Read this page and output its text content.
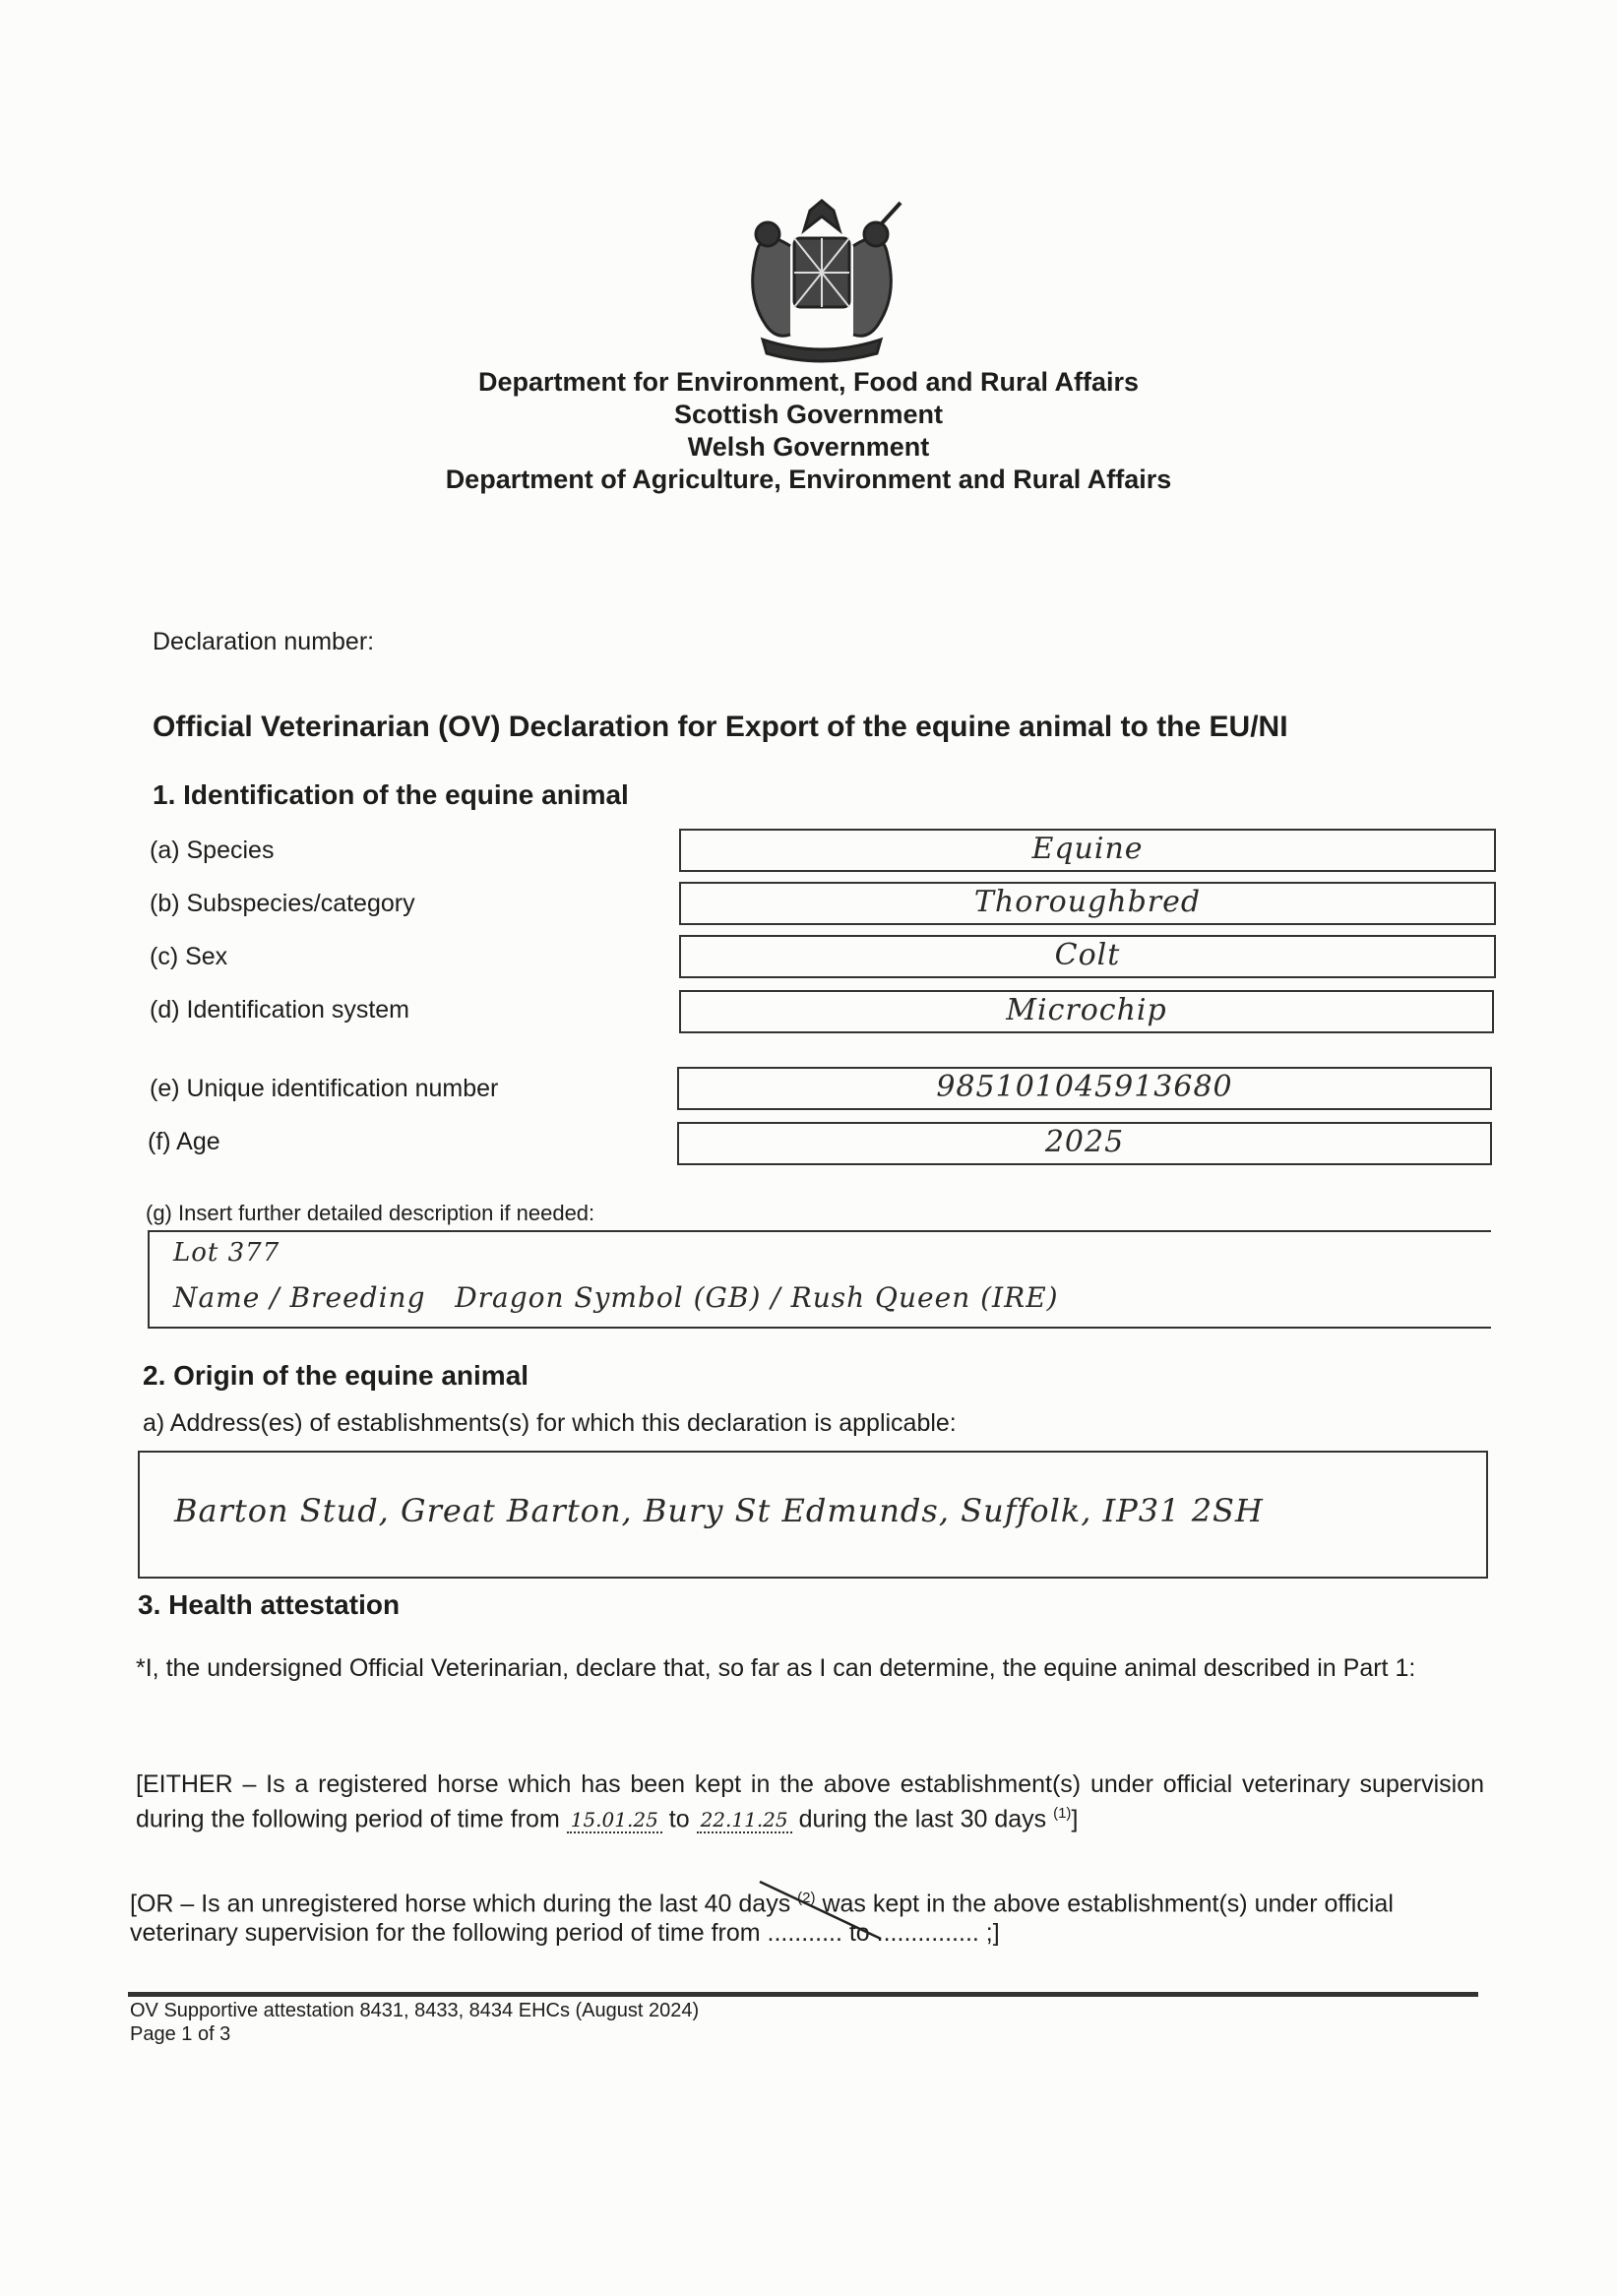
Department for Environment, Food and Rural Affairs
Scottish Government
Welsh Government
Department of Agriculture, Environment and Rural Affairs
Declaration number:
Official Veterinarian (OV) Declaration for Export of the equine animal to the EU/NI
1. Identification of the equine animal
(a) Species	Equine
(b) Subspecies/category	Thoroughbred
(c) Sex	Colt
(d) Identification system	Microchip
(e) Unique identification number	985101045913680
(f) Age	2025
(g) Insert further detailed description if needed:
Lot 377
Name / Breeding   Dragon Symbol (GB) / Rush Queen (IRE)
2. Origin of the equine animal
a) Address(es) of establishments(s) for which this declaration is applicable:
Barton Stud, Great Barton, Bury St Edmunds, Suffolk, IP31 2SH
3. Health attestation
*I, the undersigned Official Veterinarian, declare that, so far as I can determine, the equine animal described in Part 1:
[EITHER – Is a registered horse which has been kept in the above establishment(s) under official veterinary supervision during the following period of time from 15.01.25 to 22.11.25 during the last 30 days $^{(1)}$]
[OR – Is an unregistered horse which during the last 40 days $^{(2)}$ was kept in the above establishment(s) under official veterinary supervision for the following period of time from ........... to ............... ;]
OV Supportive attestation 8431, 8433, 8434 EHCs (August 2024)
Page 1 of 3
